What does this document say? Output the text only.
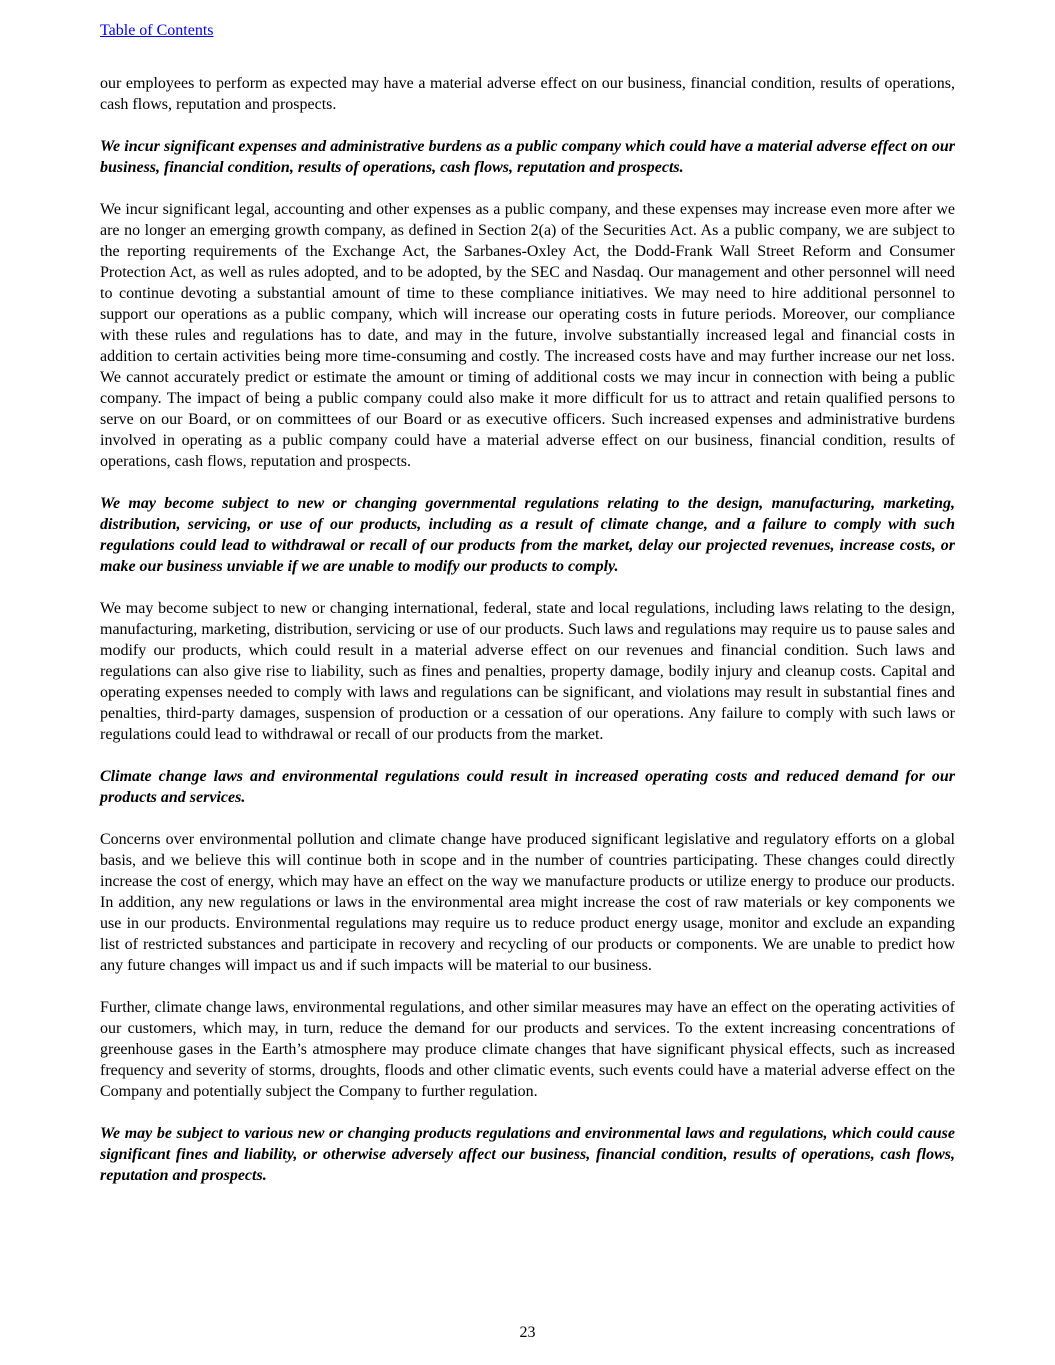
Table of Contents

our employees to perform as expected may have a material adverse effect on our business, financial condition, results of operations, cash flows, reputation and prospects.

We incur significant expenses and administrative burdens as a public company which could have a material adverse effect on our business, financial condition, results of operations, cash flows, reputation and prospects.

We incur significant legal, accounting and other expenses as a public company, and these expenses may increase even more after we are no longer an emerging growth company, as defined in Section 2(a) of the Securities Act. As a public company, we are subject to the reporting requirements of the Exchange Act, the Sarbanes-Oxley Act, the Dodd-Frank Wall Street Reform and Consumer Protection Act, as well as rules adopted, and to be adopted, by the SEC and Nasdaq. Our management and other personnel will need to continue devoting a substantial amount of time to these compliance initiatives. We may need to hire additional personnel to support our operations as a public company, which will increase our operating costs in future periods. Moreover, our compliance with these rules and regulations has to date, and may in the future, involve substantially increased legal and financial costs in addition to certain activities being more time-consuming and costly. The increased costs have and may further increase our net loss. We cannot accurately predict or estimate the amount or timing of additional costs we may incur in connection with being a public company. The impact of being a public company could also make it more difficult for us to attract and retain qualified persons to serve on our Board, or on committees of our Board or as executive officers. Such increased expenses and administrative burdens involved in operating as a public company could have a material adverse effect on our business, financial condition, results of operations, cash flows, reputation and prospects.

We may become subject to new or changing governmental regulations relating to the design, manufacturing, marketing, distribution, servicing, or use of our products, including as a result of climate change, and a failure to comply with such regulations could lead to withdrawal or recall of our products from the market, delay our projected revenues, increase costs, or make our business unviable if we are unable to modify our products to comply.

We may become subject to new or changing international, federal, state and local regulations, including laws relating to the design, manufacturing, marketing, distribution, servicing or use of our products. Such laws and regulations may require us to pause sales and modify our products, which could result in a material adverse effect on our revenues and financial condition. Such laws and regulations can also give rise to liability, such as fines and penalties, property damage, bodily injury and cleanup costs. Capital and operating expenses needed to comply with laws and regulations can be significant, and violations may result in substantial fines and penalties, third-party damages, suspension of production or a cessation of our operations. Any failure to comply with such laws or regulations could lead to withdrawal or recall of our products from the market.

Climate change laws and environmental regulations could result in increased operating costs and reduced demand for our products and services.

Concerns over environmental pollution and climate change have produced significant legislative and regulatory efforts on a global basis, and we believe this will continue both in scope and in the number of countries participating. These changes could directly increase the cost of energy, which may have an effect on the way we manufacture products or utilize energy to produce our products. In addition, any new regulations or laws in the environmental area might increase the cost of raw materials or key components we use in our products. Environmental regulations may require us to reduce product energy usage, monitor and exclude an expanding list of restricted substances and participate in recovery and recycling of our products or components. We are unable to predict how any future changes will impact us and if such impacts will be material to our business.

Further, climate change laws, environmental regulations, and other similar measures may have an effect on the operating activities of our customers, which may, in turn, reduce the demand for our products and services. To the extent increasing concentrations of greenhouse gases in the Earth’s atmosphere may produce climate changes that have significant physical effects, such as increased frequency and severity of storms, droughts, floods and other climatic events, such events could have a material adverse effect on the Company and potentially subject the Company to further regulation.

We may be subject to various new or changing products regulations and environmental laws and regulations, which could cause significant fines and liability, or otherwise adversely affect our business, financial condition, results of operations, cash flows, reputation and prospects.

23
